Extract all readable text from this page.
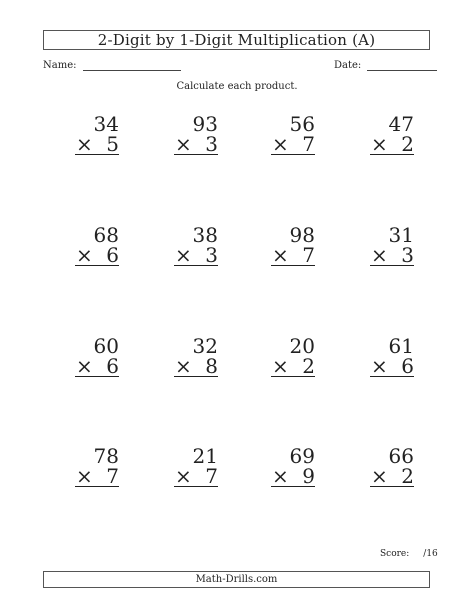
2-Digit by 1-Digit Multiplication (A)
Name:	Date:
Calculate each product.
34
× 5
93
× 3
56
× 7
47
× 2
68
× 6
38
× 3
98
× 7
31
× 3
60
× 6
32
× 8
20
× 2
61
× 6
78
× 7
21
× 7
69
× 9
66
× 2
Score: /16
Math-Drills.com
